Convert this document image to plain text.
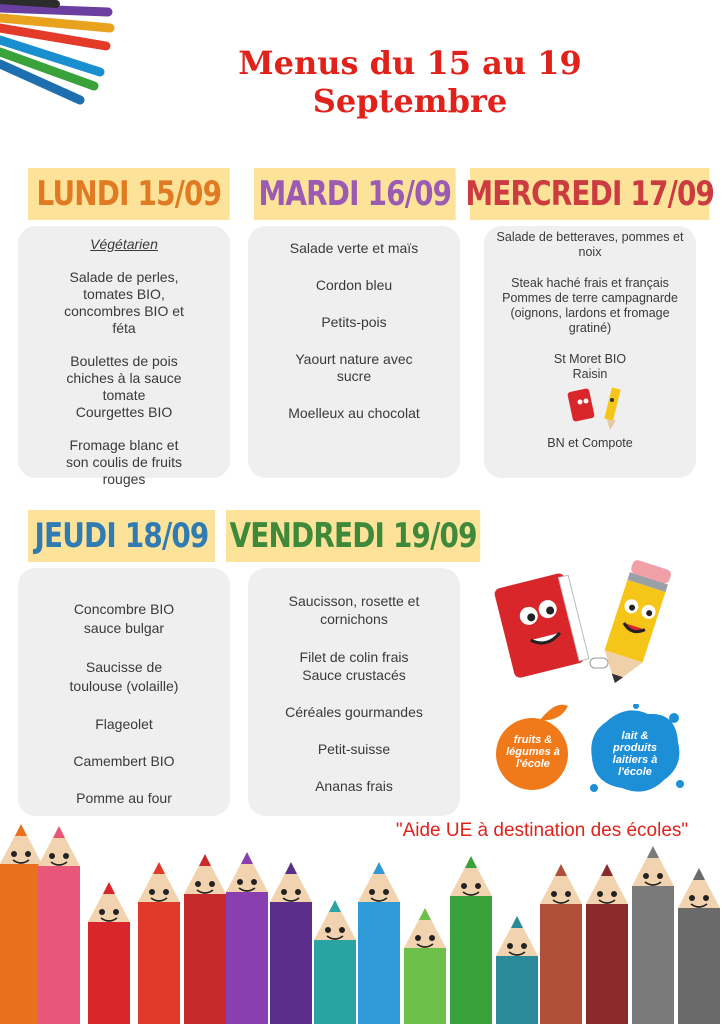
Menus du 15 au 19
Septembre
LUNDI 15/09 MARDI 16/09 MERCREDI 17/09
JEUDI 18/09 VENDREDI 19/09

Végétarien

Salade de perles, tomates BIO, concombres BIO et féta

Boulettes de pois chiches à la sauce tomate

Courgettes BIO

Fromage blanc et son coulis de fruits rouges

Salade verte et maïs

Cordon bleu

Petits-pois

Yaourt nature avec sucre

Moelleux au chocolat

Salade de betteraves, pommes et noix

Steak haché frais et français

Pommes de terre campagnarde (oignons, lardons et fromage gratiné)

St Moret BIO

Raisin

BN et Compote

Concombre BIO sauce bulgar

Saucisse de toulouse (volaille)

Flageolet

Camembert BIO

Pomme au four

Saucisson, rosette et cornichons

Filet de colin frais Sauce crustacés

Céréales gourmandes

Petit-suisse

Ananas frais

fruits & légumes à l'école
lait & produits laitiers à l'école
"Aide UE à destination des écoles"
